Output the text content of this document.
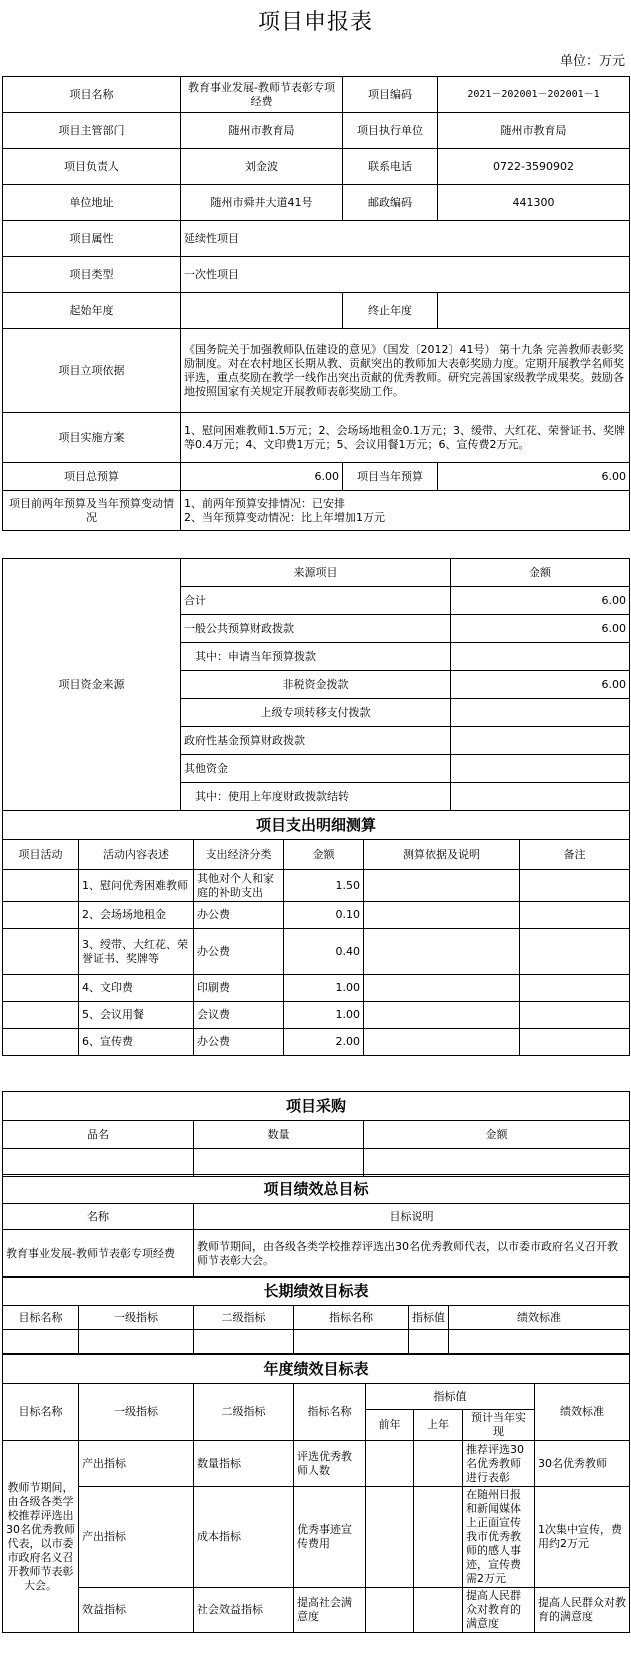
项目申报表
单位：万元
项目名称	教育事业发展-教师节表彰专项经费	项目编码	2021－202001－202001－1
项目主管部门	随州市教育局	项目执行单位	随州市教育局
项目负责人	刘金波	联系电话	0722-3590902
单位地址	随州市舜井大道41号	邮政编码	441300
项目属性	延续性项目		
项目类型	一次性项目		
起始年度		终止年度	
项目立项依据	《国务院关于加强教师队伍建设的意见》（国发〔2012〕41号） 第十九条 完善教师表彰奖励制度。对在农村地区长期从教、贡献突出的教师加大表彰奖励力度。定期开展教学名师奖评选，重点奖励在教学一线作出突出贡献的优秀教师。研究完善国家级教学成果奖。鼓励各地按照国家有关规定开展教师表彰奖励工作。		
项目实施方案	1、慰问困难教师1.5万元；2、会场场地租金0.1万元；3、缓带、大红花、荣誉证书、奖牌等0.4万元；4、文印费1万元；5、会议用餐1万元；6、宣传费2万元。		
项目总预算	6.00	项目当年预算	6.00
项目前两年预算及当年预算变动情况	1、前两年预算安排情况：已安排
2、当年预算变动情况：比上年增加1万元		
项目资金来源	来源项目	金额
	合计	6.00
	一般公共预算财政拨款	6.00
	其中：申请当年预算拨款	
	非税资金拨款	6.00
	上级专项转移支付拨款	
	政府性基金预算财政拨款	
	其他资金	
	其中：使用上年度财政拨款结转	
项目支出明细测算					
项目活动	活动内容表述	支出经济分类	金额	测算依据及说明	备注
	1、慰问优秀困难教师	其他对个人和家庭的补助支出	1.50		
	2、会场场地租金	办公费	0.10		
	3、绶带、大红花、荣誉证书、奖牌等	办公费	0.40		
	4、文印费	印刷费	1.00		
	5、会议用餐	会议费	1.00		
	6、宣传费	办公费	2.00		
项目采购		
品名	数量	金额

项目绩效总目标	
名称	目标说明
教育事业发展-教师节表彰专项经费	教师节期间，由各级各类学校推荐评选出30名优秀教师代表，以市委市政府名义召开教师节表彰大会。
长期绩效目标表					
目标名称	一级指标	二级指标	指标名称	指标值	绩效标准

年度绩效目标表							
目标名称	一级指标	二级指标	指标名称	指标值			绩效标准
				前年	上年	预计当年实现	
教师节期间，由各级各类学校推荐评选出30名优秀教师代表，以市委市政府名义召开教师节表彰大会。	产出指标	数量指标	评选优秀教师人数			推荐评选30名优秀教师进行表彰	30名优秀教师
	产出指标	成本指标	优秀事迹宣传费用			在随州日报和新闻媒体上正面宣传我市优秀教师的感人事迹，宣传费需2万元	1次集中宣传，费用约2万元
	效益指标	社会效益指标	提高社会满意度			提高人民群众对教育的满意度	提高人民群众对教育的满意度
